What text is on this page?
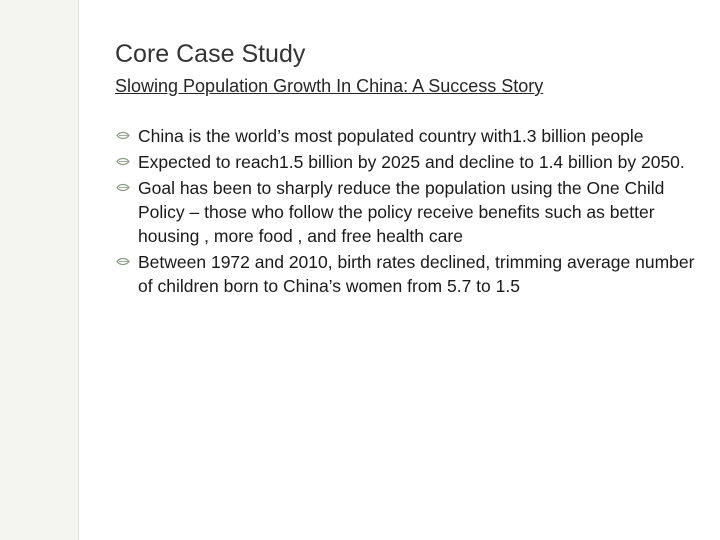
Core Case Study
Slowing Population Growth In China: A Success Story
China is the world’s most populated country with1.3 billion people
Expected to reach1.5 billion by 2025 and decline to 1.4 billion by 2050.
Goal has been to sharply reduce the population using the One Child Policy – those who follow the policy receive benefits such as better housing , more food , and free health care
Between 1972 and 2010, birth rates declined, trimming average number of children born to China’s women from 5.7 to 1.5
